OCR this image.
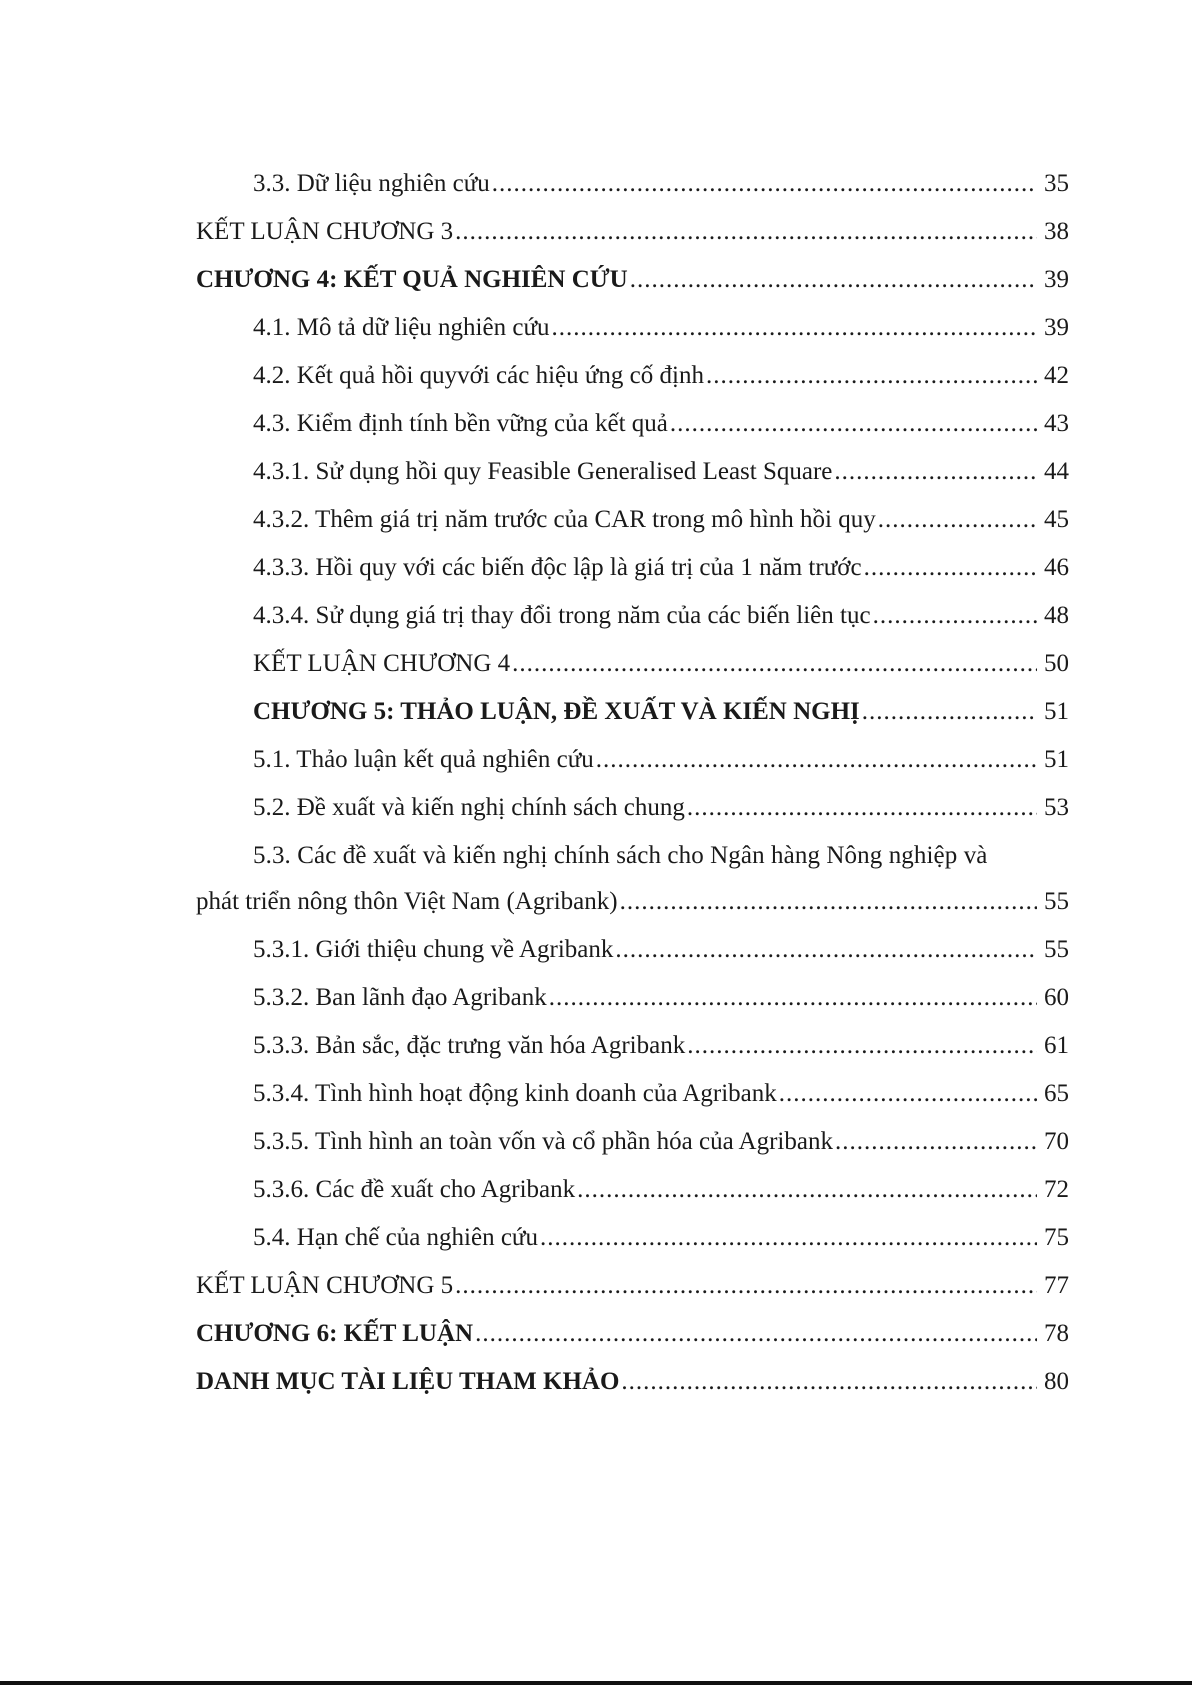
3.3. Dữ liệu nghiên cứu .....	35
KẾT LUẬN CHƯƠNG 3 .....	38
CHƯƠNG 4: KẾT QUẢ NGHIÊN CỨU .....	39
4.1. Mô tả dữ liệu nghiên cứu .....	39
4.2. Kết quả hồi quyvới các hiệu ứng cố định .....	42
4.3. Kiểm định tính bền vững của kết quả .....	43
4.3.1. Sử dụng hồi quy Feasible Generalised Least Square .....	44
4.3.2. Thêm giá trị năm trước của CAR trong mô hình hồi quy .....	45
4.3.3. Hồi quy với các biến độc lập là giá trị của 1 năm trước .....	46
4.3.4. Sử dụng giá trị thay đổi trong năm của các biến liên tục .....	48
KẾT LUẬN CHƯƠNG 4 .....	50
CHƯƠNG 5: THẢO LUẬN, ĐỀ XUẤT VÀ KIẾN NGHỊ .....	51
5.1. Thảo luận kết quả nghiên cứu .....	51
5.2. Đề xuất và kiến nghị chính sách chung .....	53
5.3. Các đề xuất và kiến nghị chính sách cho Ngân hàng Nông nghiệp và
phát triển nông thôn Việt Nam (Agribank) .....	55
5.3.1. Giới thiệu chung về Agribank .....	55
5.3.2. Ban lãnh đạo Agribank .....	60
5.3.3. Bản sắc, đặc trưng văn hóa Agribank .....	61
5.3.4. Tình hình hoạt động kinh doanh của Agribank .....	65
5.3.5. Tình hình an toàn vốn và cổ phần hóa của Agribank .....	70
5.3.6. Các đề xuất cho Agribank .....	72
5.4. Hạn chế của nghiên cứu .....	75
KẾT LUẬN CHƯƠNG 5 .....	77
CHƯƠNG 6: KẾT LUẬN .....	78
DANH MỤC TÀI LIỆU THAM KHẢO .....	80
